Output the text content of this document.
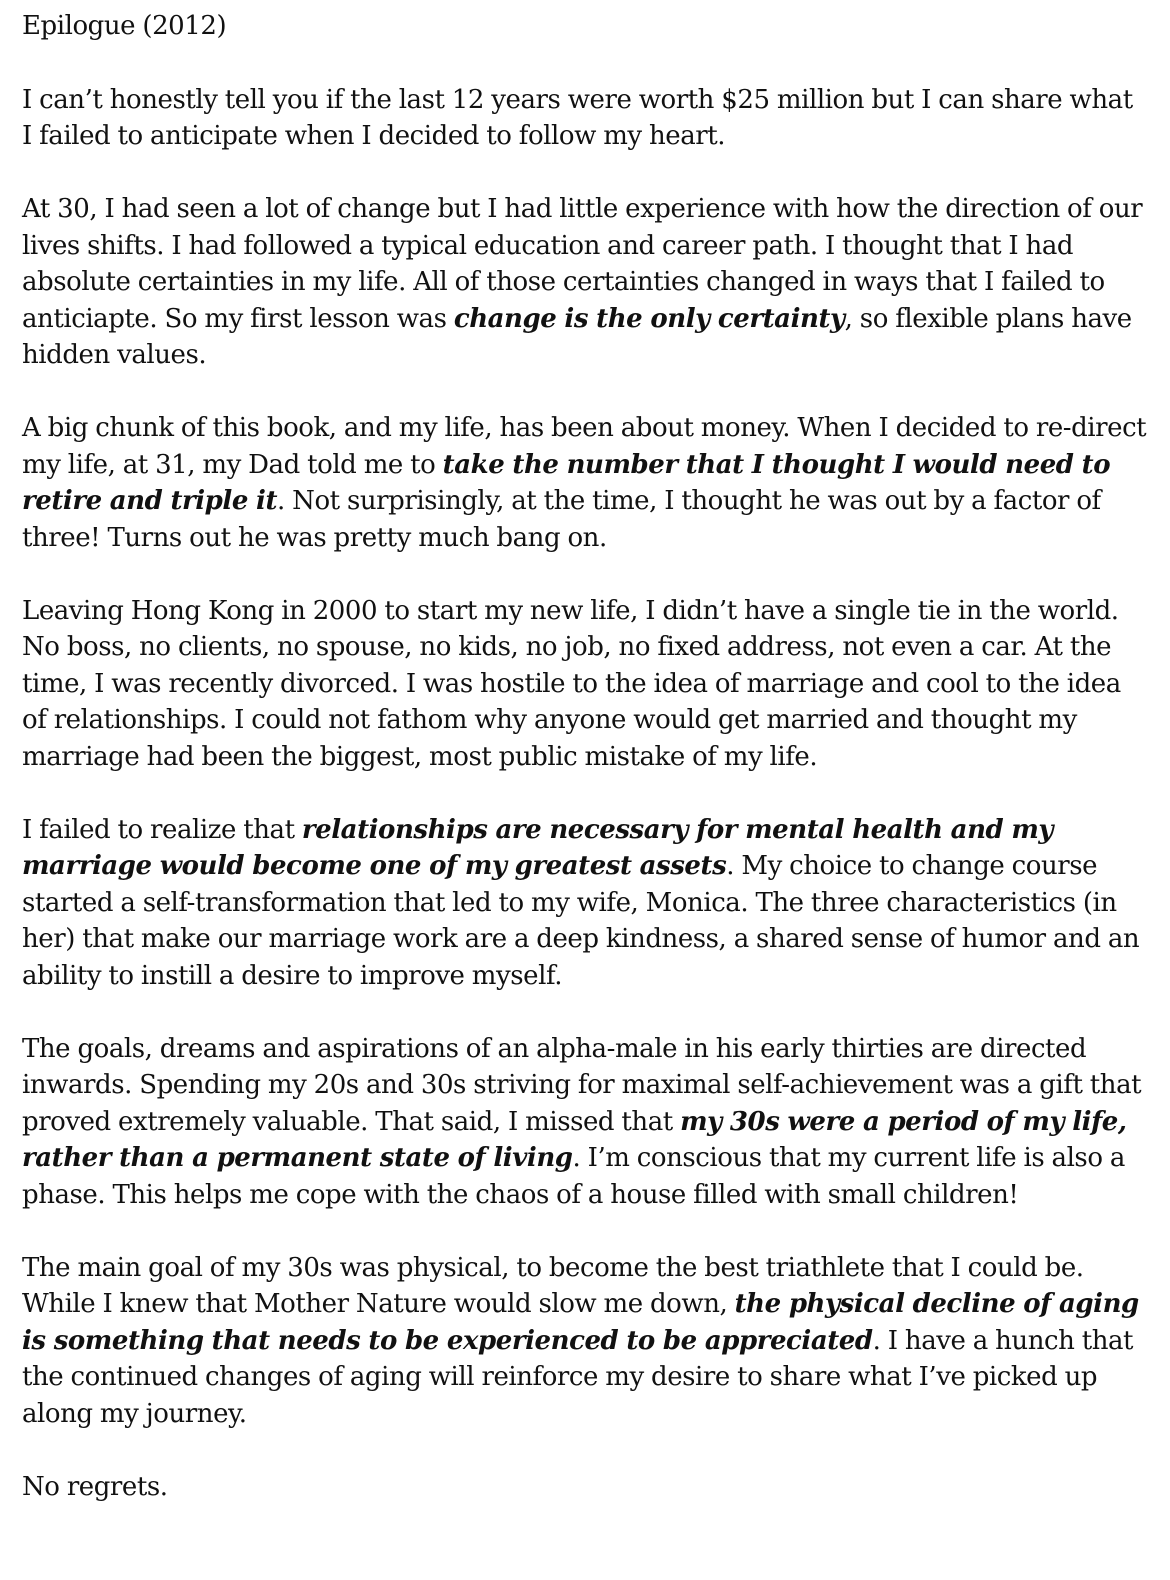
Epilogue (2012)

I can’t honestly tell you if the last 12 years were worth $25 million but I can share what I failed to anticipate when I decided to follow my heart.

At 30, I had seen a lot of change but I had little experience with how the direction of our lives shifts. I had followed a typical education and career path. I thought that I had absolute certainties in my life. All of those certainties changed in ways that I failed to anticiapte. So my first lesson was change is the only certainty, so flexible plans have hidden values.

A big chunk of this book, and my life, has been about money. When I decided to re-direct my life, at 31, my Dad told me to take the number that I thought I would need to retire and triple it. Not surprisingly, at the time, I thought he was out by a factor of three! Turns out he was pretty much bang on.

Leaving Hong Kong in 2000 to start my new life, I didn’t have a single tie in the world. No boss, no clients, no spouse, no kids, no job, no fixed address, not even a car. At the time, I was recently divorced. I was hostile to the idea of marriage and cool to the idea of relationships. I could not fathom why anyone would get married and thought my marriage had been the biggest, most public mistake of my life.

I failed to realize that relationships are necessary for mental health and my marriage would become one of my greatest assets. My choice to change course started a self-transformation that led to my wife, Monica. The three characteristics (in her) that make our marriage work are a deep kindness, a shared sense of humor and an ability to instill a desire to improve myself.

The goals, dreams and aspirations of an alpha-male in his early thirties are directed inwards. Spending my 20s and 30s striving for maximal self-achievement was a gift that proved extremely valuable. That said, I missed that my 30s were a period of my life, rather than a permanent state of living. I’m conscious that my current life is also a phase. This helps me cope with the chaos of a house filled with small children!

The main goal of my 30s was physical, to become the best triathlete that I could be. While I knew that Mother Nature would slow me down, the physical decline of aging is something that needs to be experienced to be appreciated. I have a hunch that the continued changes of aging will reinforce my desire to share what I’ve picked up along my journey.

No regrets.
